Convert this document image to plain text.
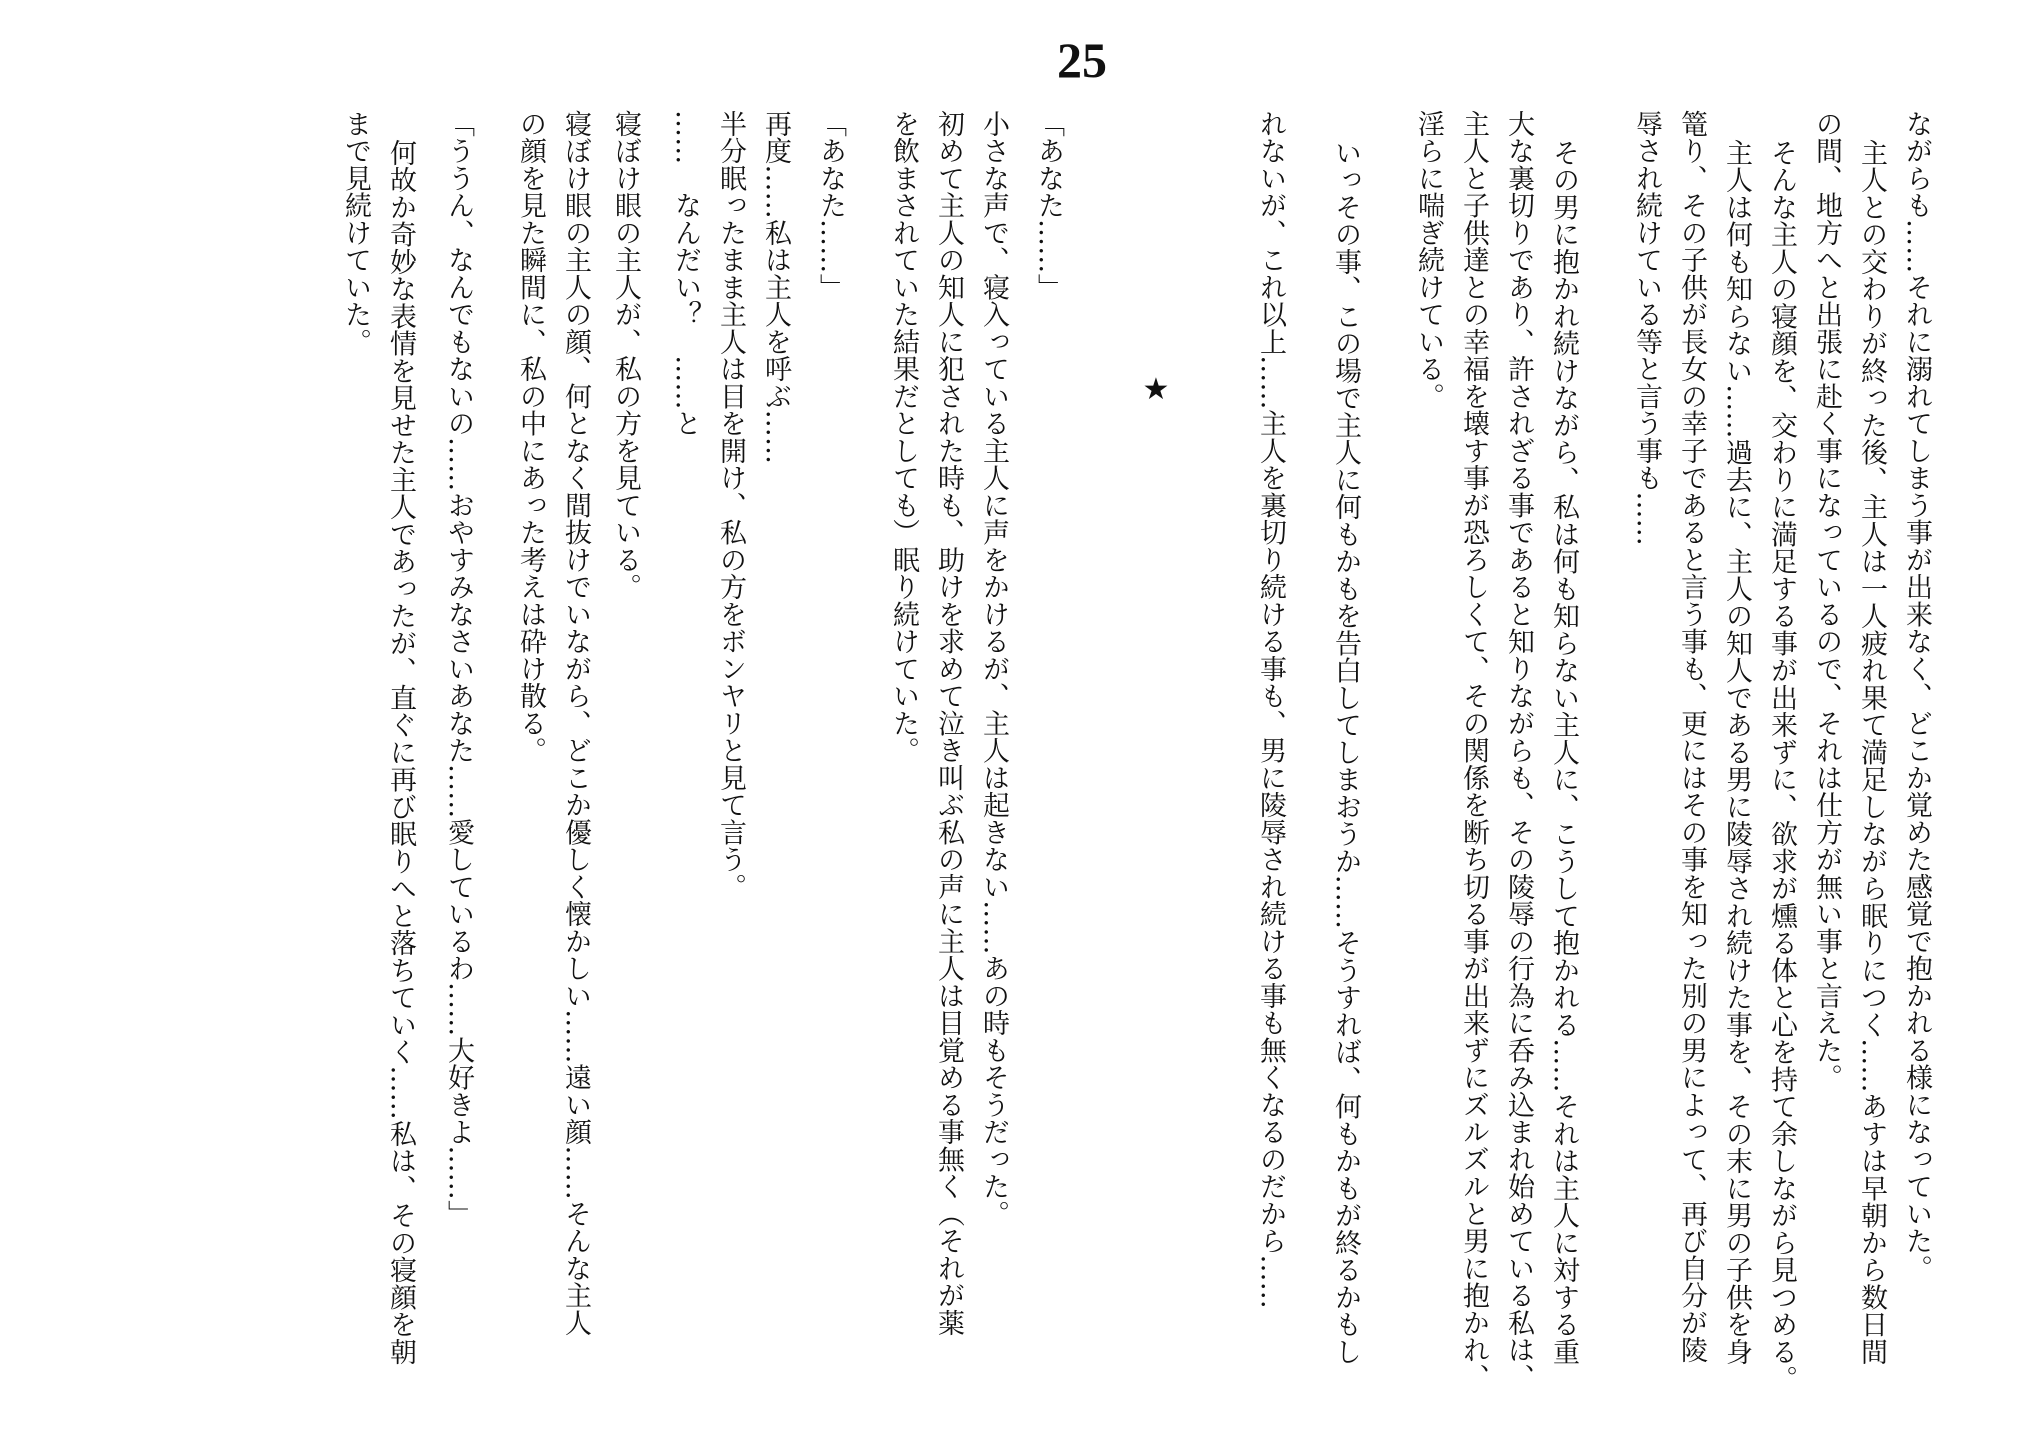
25
ながらも……それに溺れてしまう事が出来なく、どこか覚めた感覚で抱かれる様になっていた。
主人との交わりが終った後、主人は一人疲れ果て満足しながら眠りにつく……あすは早朝から数日間
の間、地方へと出張に赴く事になっているので、それは仕方が無い事と言えた。
そんな主人の寝顔を、交わりに満足する事が出来ずに、欲求が燻る体と心を持て余しながら見つめる。
主人は何も知らない……過去に、主人の知人である男に陵辱され続けた事を、その末に男の子供を身
篭り、その子供が長女の幸子であると言う事も、更にはその事を知った別の男によって、再び自分が陵
辱され続けている等と言う事も……
その男に抱かれ続けながら、私は何も知らない主人に、こうして抱かれる……それは主人に対する重
大な裏切りであり、許されざる事であると知りながらも、その陵辱の行為に呑み込まれ始めている私は、
主人と子供達との幸福を壊す事が恐ろしくて、その関係を断ち切る事が出来ずにズルズルと男に抱かれ、
淫らに喘ぎ続けている。
いっその事、この場で主人に何もかもを告白してしまおうか……そうすれば、何もかもが終るかもし
れないが、これ以上……主人を裏切り続ける事も、男に陵辱され続ける事も無くなるのだから……
★
「あなた……」
小さな声で、寝入っている主人に声をかけるが、主人は起きない……あの時もそうだった。
初めて主人の知人に犯された時も、助けを求めて泣き叫ぶ私の声に主人は目覚める事無く（それが薬
を飲まされていた結果だとしても）眠り続けていた。
「あなた……」
再度……私は主人を呼ぶ……
半分眠ったまま主人は目を開け、私の方をボンヤリと見て言う。
……　なんだい？　……と
寝ぼけ眼の主人が、私の方を見ている。
寝ぼけ眼の主人の顔、何となく間抜けでいながら、どこか優しく懐かしい……遠い顔……そんな主人
の顔を見た瞬間に、私の中にあった考えは砕け散る。
「ううん、なんでもないの……おやすみなさいあなた……愛しているわ……大好きよ……」
何故か奇妙な表情を見せた主人であったが、直ぐに再び眠りへと落ちていく……私は、その寝顔を朝
まで見続けていた。
